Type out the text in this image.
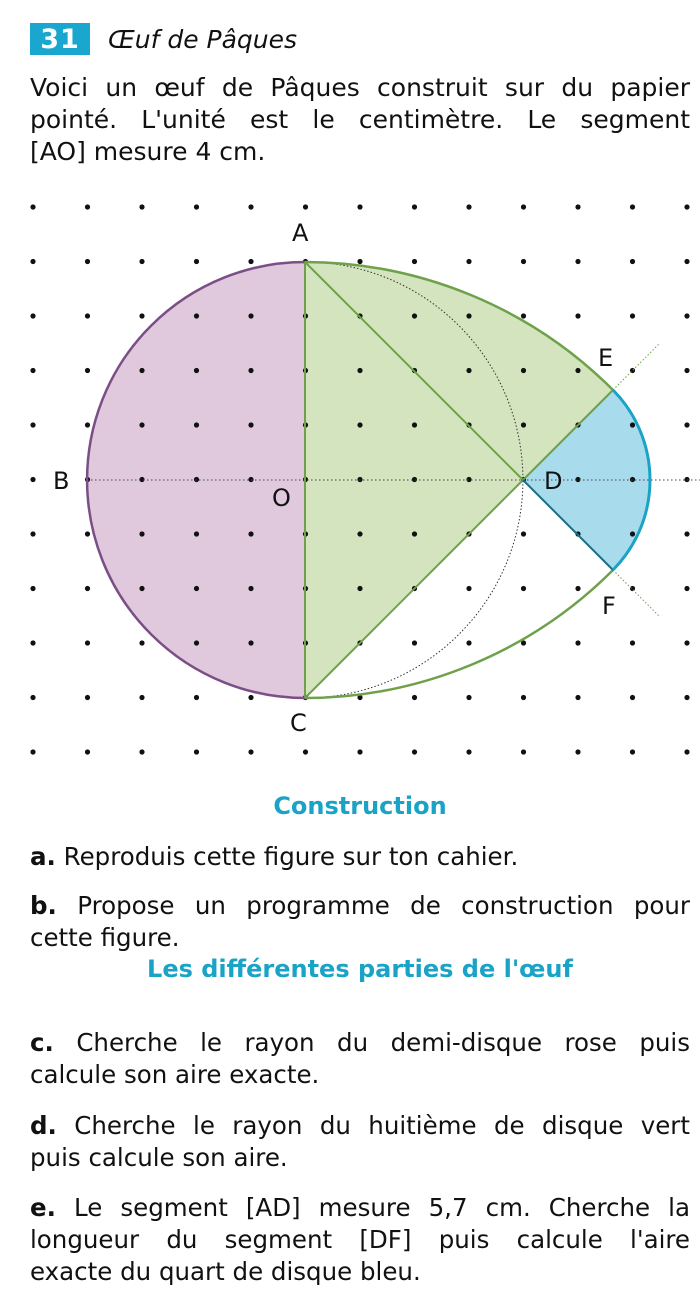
31	Œuf de Pâques
Voici un œuf de Pâques construit sur du papier
pointé. L'unité est le centimètre. Le segment
[AO] mesure 4 cm.
A
B
O
D
E
F
C
Construction
a. Reproduis cette figure sur ton cahier.
b. Propose un programme de construction pour
cette figure.
Les différentes parties de l'œuf
c. Cherche le rayon du demi-disque rose puis
calcule son aire exacte.
d. Cherche le rayon du huitième de disque vert
puis calcule son aire.
e. Le segment [AD] mesure 5,7 cm. Cherche la
longueur du segment [DF] puis calcule l'aire
exacte du quart de disque bleu.
